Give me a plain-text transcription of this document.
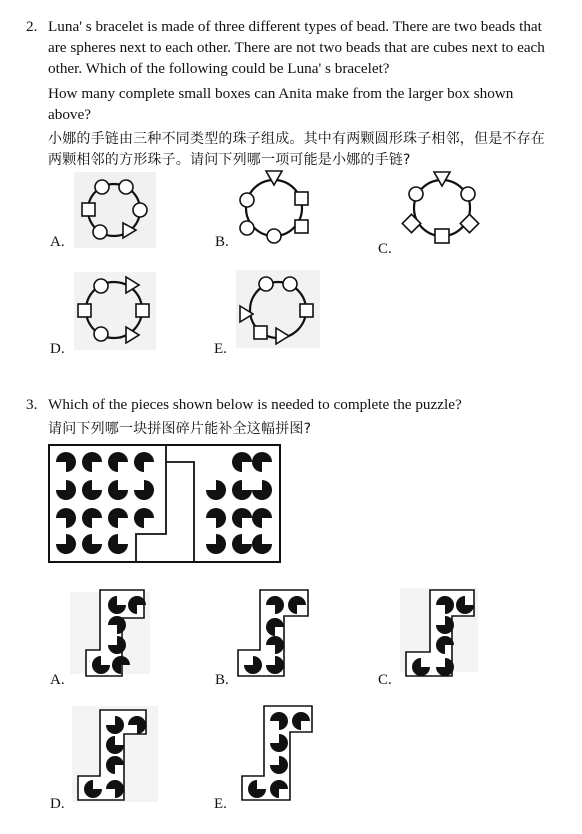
2. Luna' s bracelet is made of three different types of bead. There are two beads that are spheres next to each other. There are not two beads that are cubes next to each other. Which of the following could be Luna' s bracelet?

How many complete small boxes can Anita make from the larger box shown above?

小娜的手链由三种不同类型的珠子组成。其中有两颗圆形珠子相邻，但是不存在两颗相邻的方形珠子。请问下列哪一项可能是小娜的手链?

A.	B.	C.
D.	E.
3. Which of the pieces shown below is needed to complete the puzzle?

请问下列哪一块拼图碎片能补全这幅拼图?

A.	B.	C.
D.	E.
